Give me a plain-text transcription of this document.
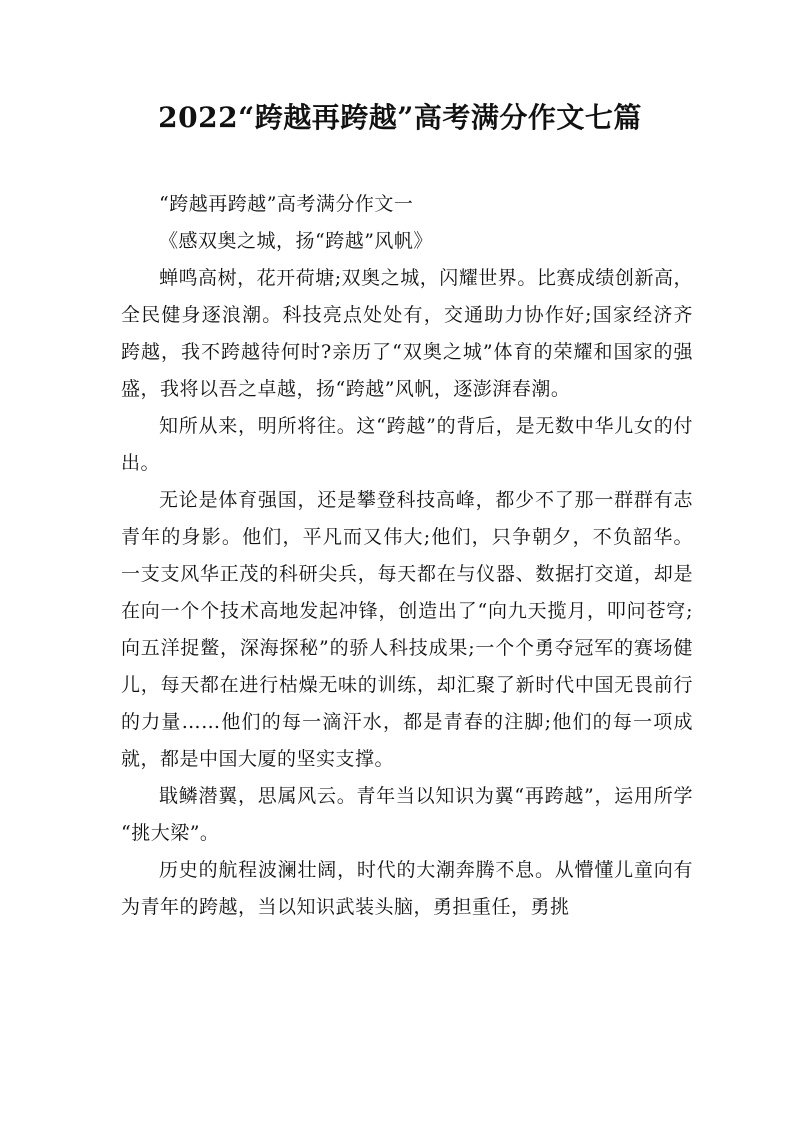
2022“跨越再跨越”高考满分作文七篇

“跨越再跨越”高考满分作文一

《感双奥之城，扬“跨越”风帆》

蝉鸣高树，花开荷塘;双奥之城，闪耀世界。比赛成绩创新高，全民健身逐浪潮。科技亮点处处有，交通助力协作好;国家经济齐跨越，我不跨越待何时?亲历了“双奥之城”体育的荣耀和国家的强盛，我将以吾之卓越，扬“跨越”风帆，逐澎湃春潮。

知所从来，明所将往。这“跨越”的背后，是无数中华儿女的付出。

无论是体育强国，还是攀登科技高峰，都少不了那一群群有志青年的身影。他们，平凡而又伟大;他们，只争朝夕，不负韶华。一支支风华正茂的科研尖兵，每天都在与仪器、数据打交道，却是在向一个个技术高地发起冲锋，创造出了“向九天揽月，叩问苍穹;向五洋捉鳖，深海探秘”的骄人科技成果;一个个勇夺冠军的赛场健儿，每天都在进行枯燥无味的训练，却汇聚了新时代中国无畏前行的力量……他们的每一滴汗水，都是青春的注脚;他们的每一项成就，都是中国大厦的坚实支撑。

戢鳞潜翼，思属风云。青年当以知识为翼“再跨越”，运用所学“挑大梁”。

历史的航程波澜壮阔，时代的大潮奔腾不息。从懵懂儿童向有为青年的跨越，当以知识武装头脑，勇担重任，勇挑
